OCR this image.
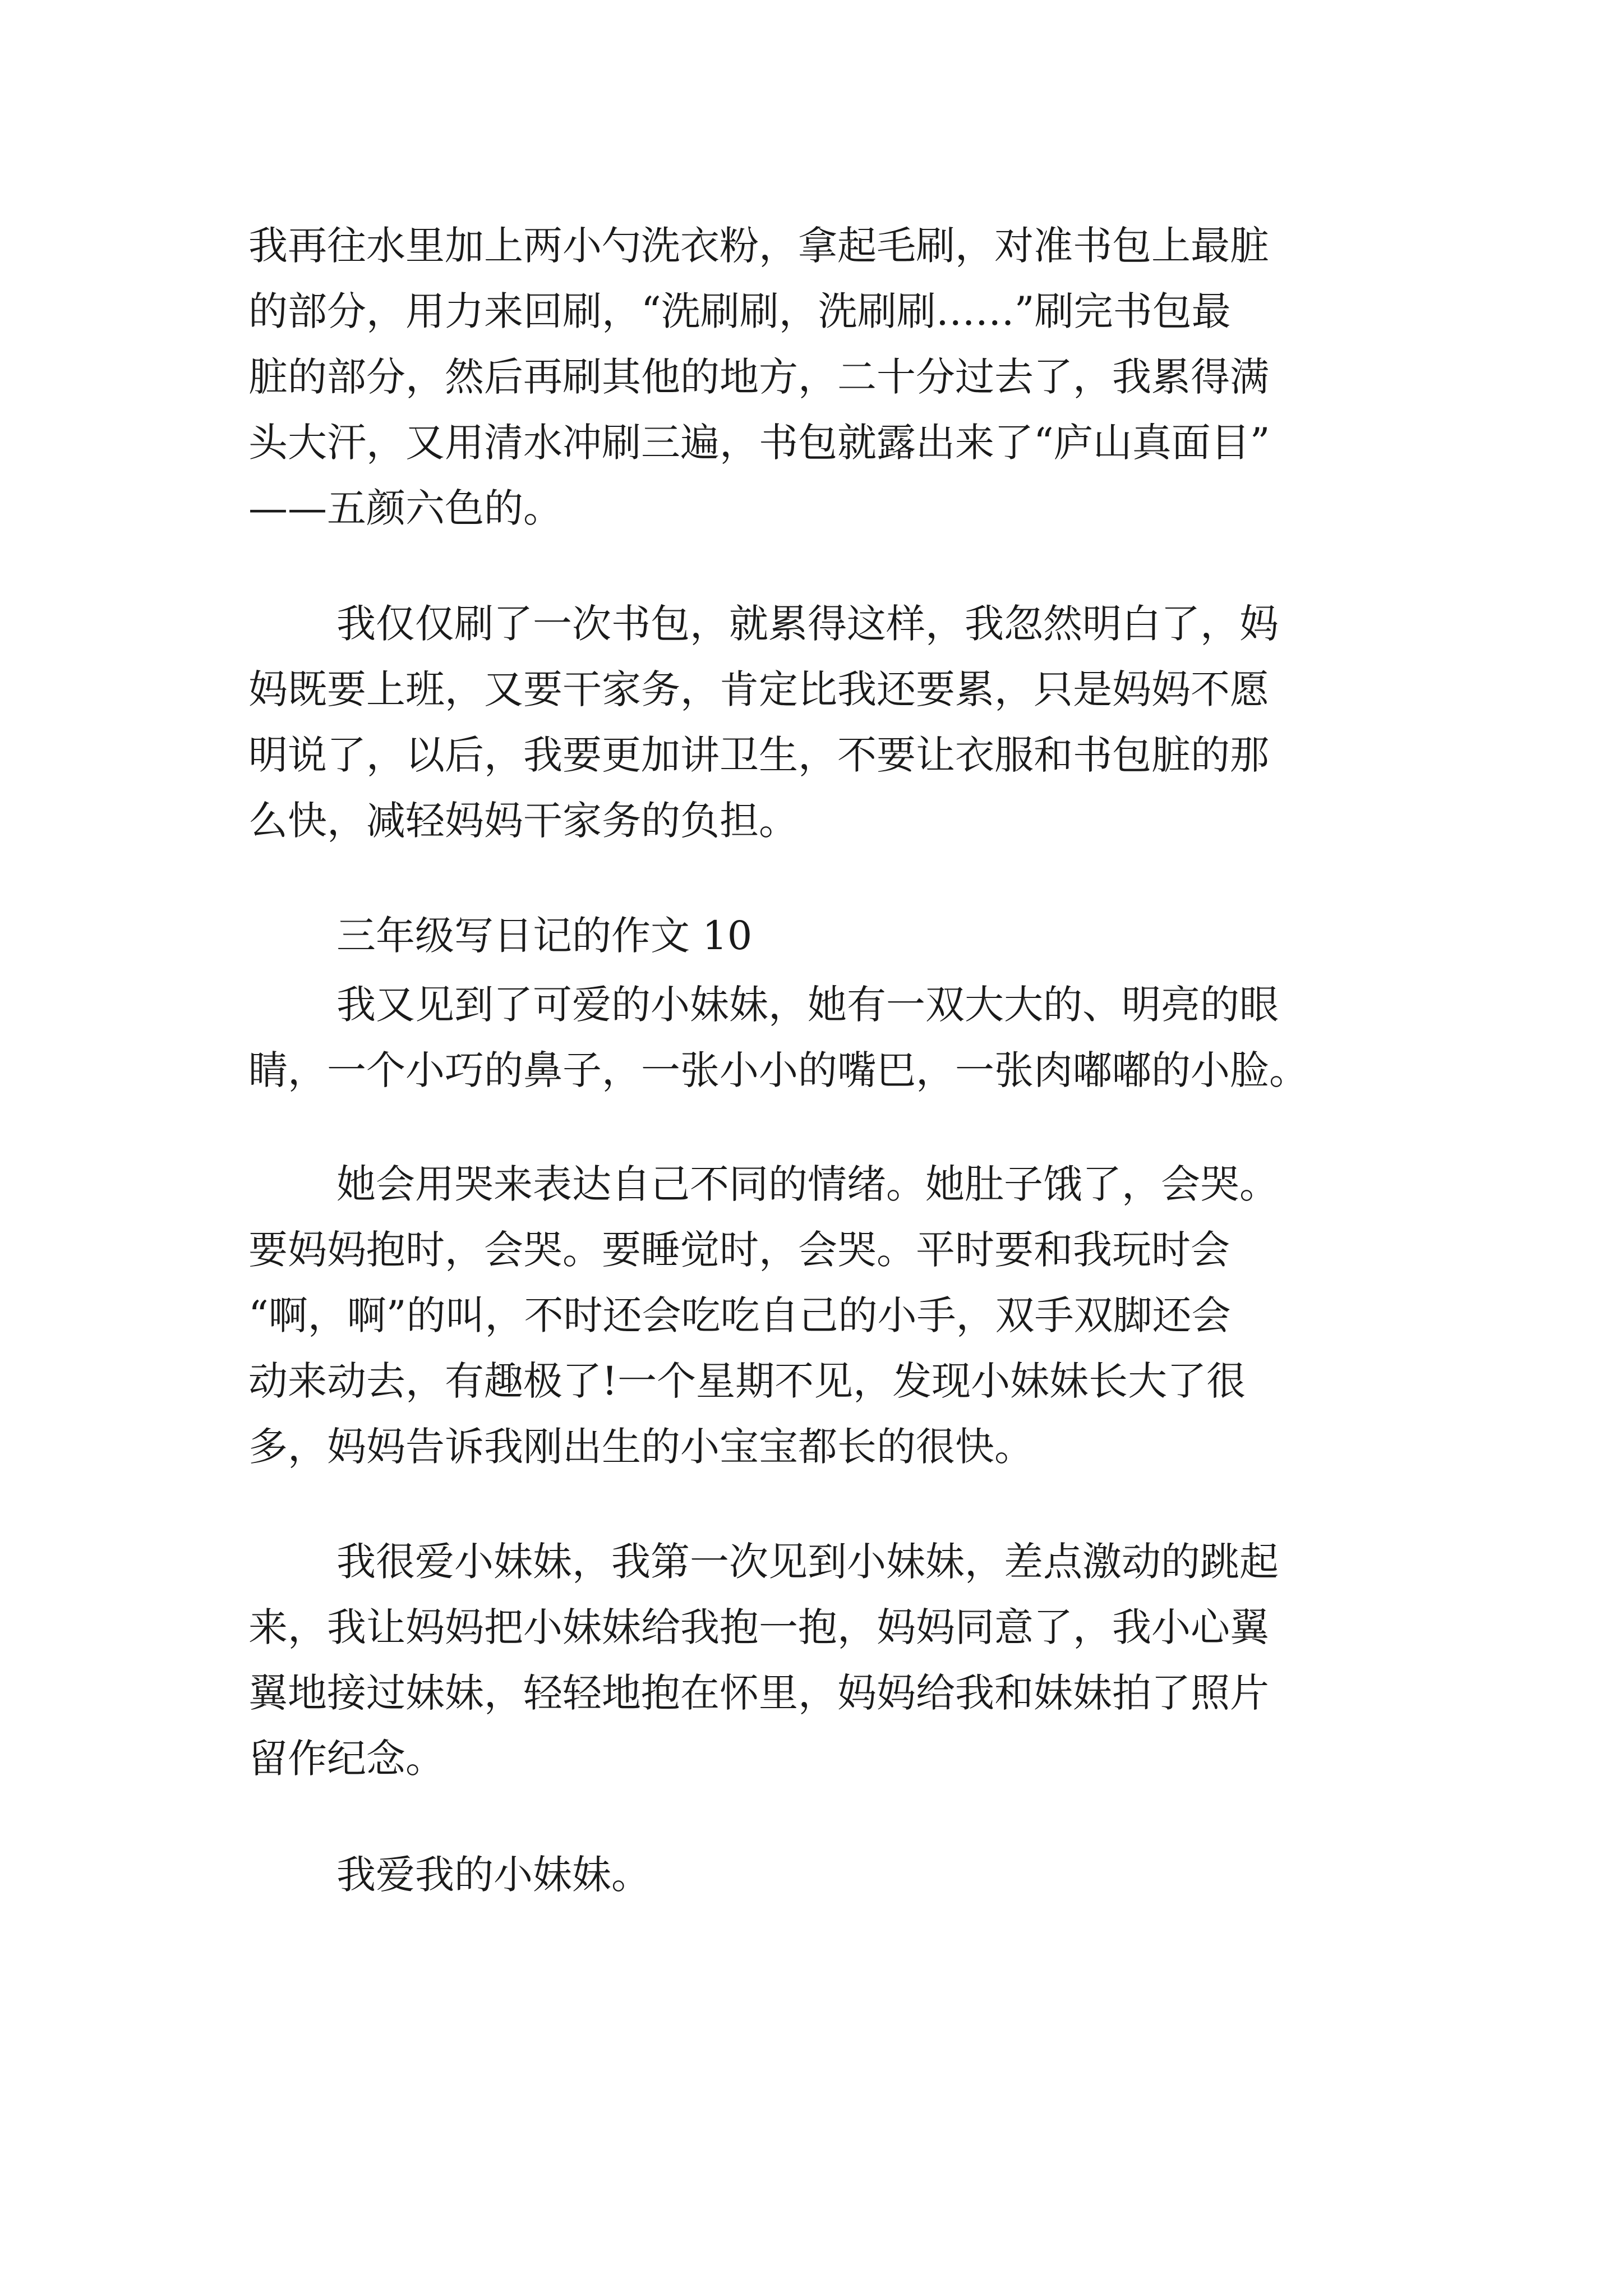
我再往水里加上两小勺洗衣粉，拿起毛刷，对准书包上最脏
的部分，用力来回刷，“洗刷刷，洗刷刷……”刷完书包最
脏的部分，然后再刷其他的地方，二十分过去了，我累得满
头大汗，又用清水冲刷三遍，书包就露出来了“庐山真面目”
——五颜六色的。
我仅仅刷了一次书包，就累得这样，我忽然明白了，妈
妈既要上班，又要干家务，肯定比我还要累，只是妈妈不愿
明说了，以后，我要更加讲卫生，不要让衣服和书包脏的那
么快，减轻妈妈干家务的负担。
三年级写日记的作文 10
我又见到了可爱的小妹妹，她有一双大大的、明亮的眼
睛，一个小巧的鼻子，一张小小的嘴巴，一张肉嘟嘟的小脸。
她会用哭来表达自己不同的情绪。她肚子饿了，会哭。
要妈妈抱时，会哭。要睡觉时，会哭。平时要和我玩时会
“啊，啊”的叫，不时还会吃吃自己的小手，双手双脚还会
动来动去，有趣极了!一个星期不见，发现小妹妹长大了很
多，妈妈告诉我刚出生的小宝宝都长的很快。
我很爱小妹妹，我第一次见到小妹妹，差点激动的跳起
来，我让妈妈把小妹妹给我抱一抱，妈妈同意了，我小心翼
翼地接过妹妹，轻轻地抱在怀里，妈妈给我和妹妹拍了照片
留作纪念。
我爱我的小妹妹。
